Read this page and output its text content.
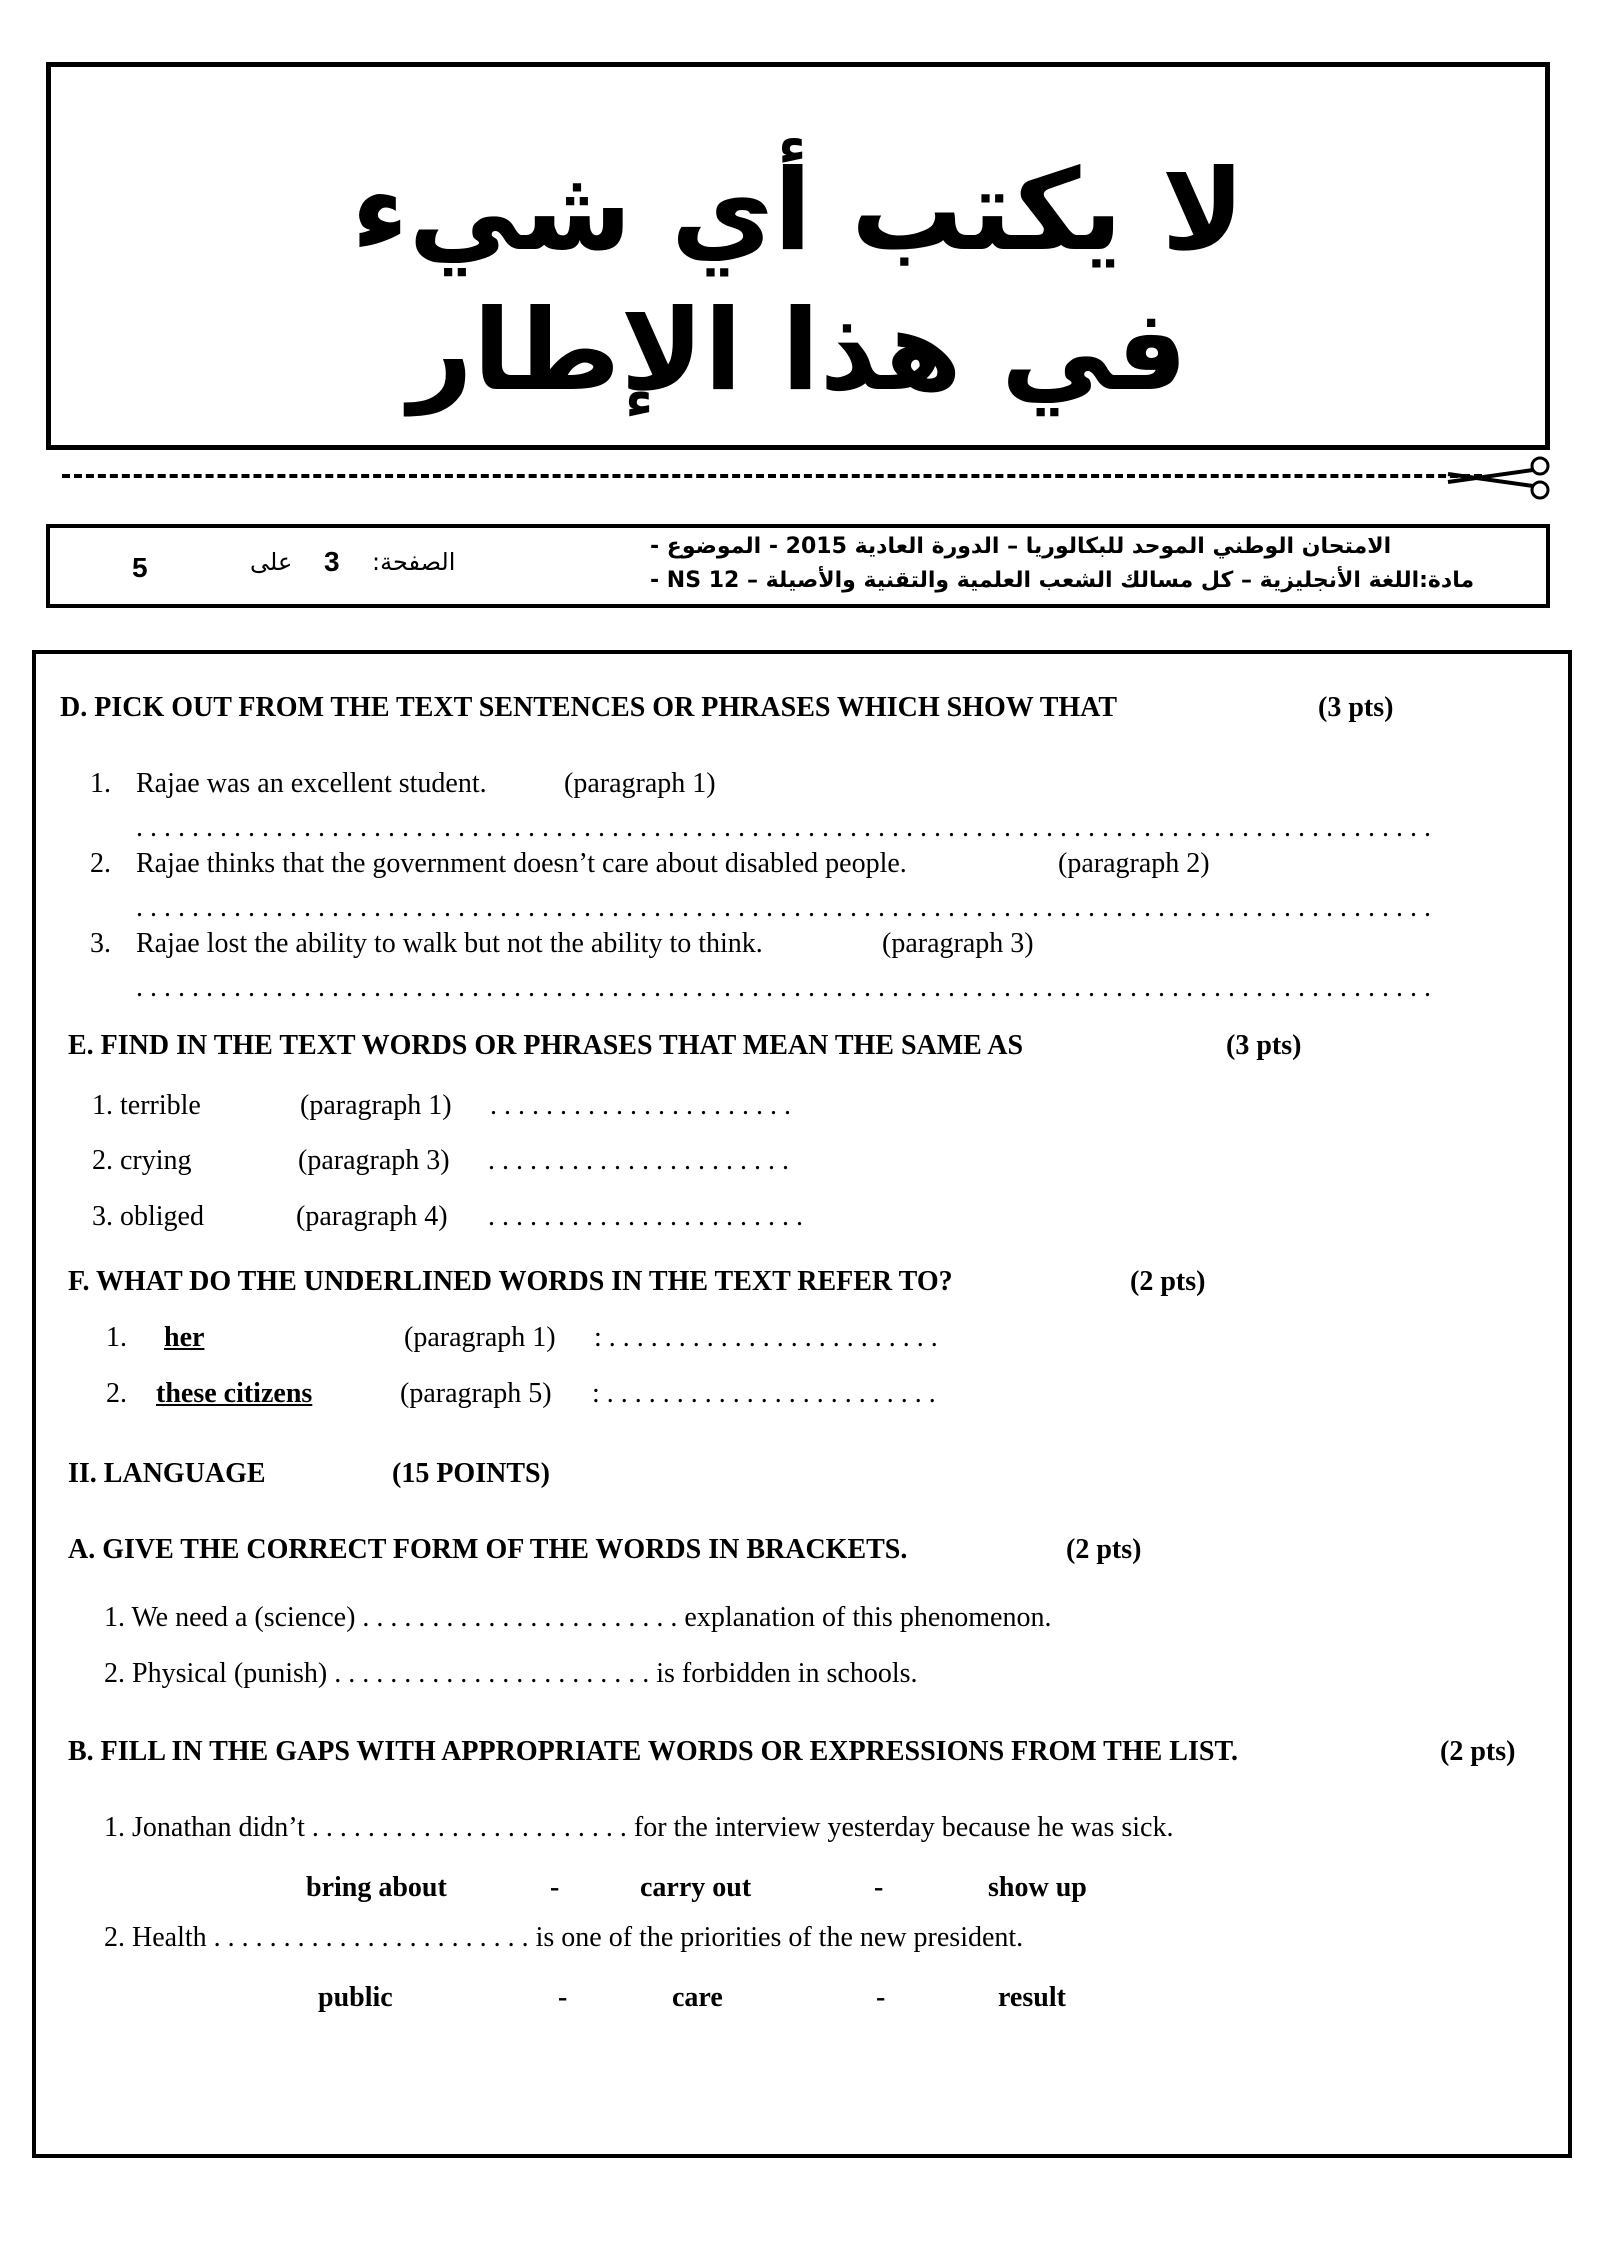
لا يكتب أي شيء
في هذا الإطار
5	على 3 الصفحة:
الامتحان الوطني الموحد للبكالوريا – الدورة العادية 2015 - الموضوع -
مادة:اللغة الأنجليزية – كل مسالك الشعب العلمية والتقنية والأصيلة – NS 12 -
D. PICK OUT FROM THE TEXT SENTENCES OR PHRASES WHICH SHOW THAT	(3 pts)
1. Rajae was an excellent student.	(paragraph 1)
. . . . . . . . . . . . . . . . . . . . . . . . . . . . . . . . . . . . . . . . . . . . . . . . . . . . . . . . . . . . . . . . . . . . . . . . . . . . . . . . . . . . . . . . . . . . .
2. Rajae thinks that the government doesn’t care about disabled people.	(paragraph 2)
. . . . . . . . . . . . . . . . . . . . . . . . . . . . . . . . . . . . . . . . . . . . . . . . . . . . . . . . . . . . . . . . . . . . . . . . . . . . . . . . . . . . . . . . . . . . .
3. Rajae lost the ability to walk but not the ability to think.	(paragraph 3)
. . . . . . . . . . . . . . . . . . . . . . . . . . . . . . . . . . . . . . . . . . . . . . . . . . . . . . . . . . . . . . . . . . . . . . . . . . . . . . . . . . . . . . . . . . . . .
E. FIND IN THE TEXT WORDS OR PHRASES THAT MEAN THE SAME AS	(3 pts)
1. terrible	(paragraph 1) . . . . . . . . . . . . . . . . . . . . . .
2. crying	(paragraph 3) . . . . . . . . . . . . . . . . . . . . . .
3. obliged	(paragraph 4) . . . . . . . . . . . . . . . . . . . . . . .
F. WHAT DO THE UNDERLINED WORDS IN THE TEXT REFER TO?	(2 pts)
1. her	(paragraph 1) : . . . . . . . . . . . . . . . . . . . . . . . .
2. these citizens	(paragraph 5) : . . . . . . . . . . . . . . . . . . . . . . . .
II. LANGUAGE	(15 POINTS)
A. GIVE THE CORRECT FORM OF THE WORDS IN BRACKETS.	(2 pts)
1. We need a (science) . . . . . . . . . . . . . . . . . . . . . . . explanation of this phenomenon.
2. Physical (punish) . . . . . . . . . . . . . . . . . . . . . . . is forbidden in schools.
B. FILL IN THE GAPS WITH APPROPRIATE WORDS OR EXPRESSIONS FROM THE LIST.	(2 pts)
1. Jonathan didn’t . . . . . . . . . . . . . . . . . . . . . . . for the interview yesterday because he was sick.
bring about	-	carry out	-	show up
2. Health . . . . . . . . . . . . . . . . . . . . . . . is one of the priorities of the new president.
public	-	care	-	result
